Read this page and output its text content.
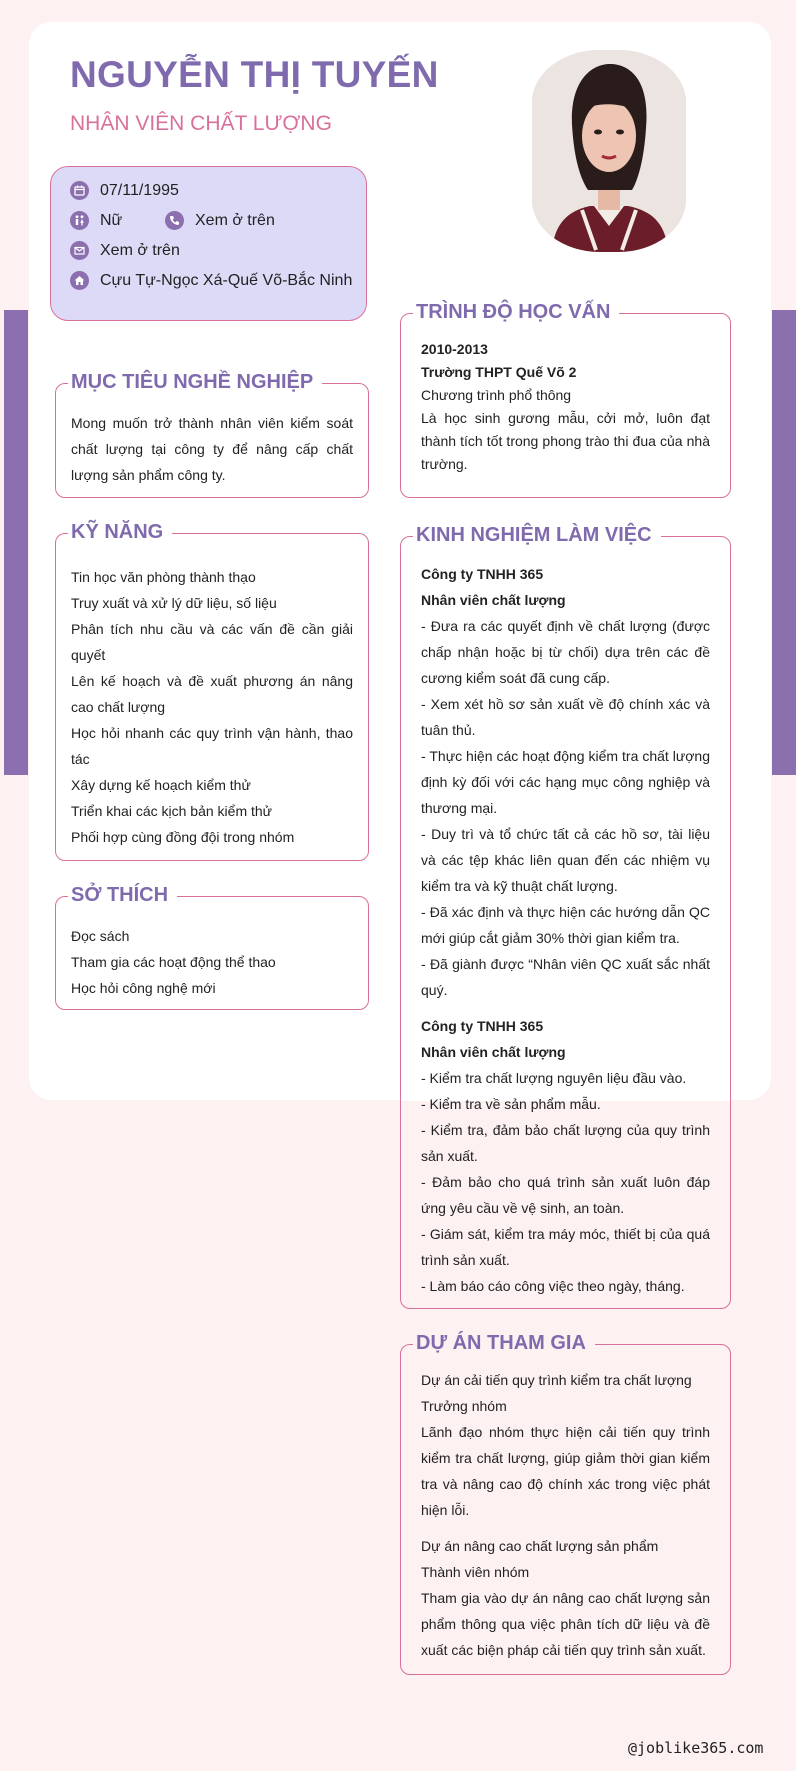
NGUYỄN THỊ TUYẾN
NHÂN VIÊN CHẤT LƯỢNG
07/11/1995
Nữ	Xem ở trên
Xem ở trên
Cựu Tự-Ngọc Xá-Quế Võ-Bắc Ninh
MỤC TIÊU NGHỀ NGHIỆP
Mong muốn trở thành nhân viên kiểm soát chất lượng tại công ty để nâng cấp chất lượng sản phẩm công ty.
KỸ NĂNG
Tin học văn phòng thành thạo
Truy xuất và xử lý dữ liệu, số liệu
Phân tích nhu cầu và các vấn đề cần giải quyết
Lên kế hoạch và đề xuất phương án nâng cao chất lượng
Học hỏi nhanh các quy trình vận hành, thao tác
Xây dựng kế hoạch kiểm thử
Triển khai các kịch bản kiểm thử
Phối hợp cùng đồng đội trong nhóm
SỞ THÍCH
Đọc sách
Tham gia các hoạt động thể thao
Học hỏi công nghệ mới
TRÌNH ĐỘ HỌC VẤN
2010-2013
Trường THPT Quế Võ 2
Chương trình phổ thông
Là học sinh gương mẫu, cởi mở, luôn đạt thành tích tốt trong phong trào thi đua của nhà trường.
KINH NGHIỆM LÀM VIỆC
Công ty TNHH 365
Nhân viên chất lượng
- Đưa ra các quyết định về chất lượng (được chấp nhận hoặc bị từ chối) dựa trên các đề cương kiểm soát đã cung cấp.
- Xem xét hồ sơ sản xuất về độ chính xác và tuân thủ.
- Thực hiện các hoạt động kiểm tra chất lượng định kỳ đối với các hạng mục công nghiệp và thương mại.
- Duy trì và tổ chức tất cả các hồ sơ, tài liệu và các tệp khác liên quan đến các nhiệm vụ kiểm tra và kỹ thuật chất lượng.
- Đã xác định và thực hiện các hướng dẫn QC mới giúp cắt giảm 30% thời gian kiểm tra.
- Đã giành được “Nhân viên QC xuất sắc nhất quý.
Công ty TNHH 365
Nhân viên chất lượng
- Kiểm tra chất lượng nguyên liệu đầu vào.
- Kiểm tra về sản phẩm mẫu.
- Kiểm tra, đảm bảo chất lượng của quy trình sản xuất.
- Đảm bảo cho quá trình sản xuất luôn đáp ứng yêu cầu về vệ sinh, an toàn.
- Giám sát, kiểm tra máy móc, thiết bị của quá trình sản xuất.
- Làm báo cáo công việc theo ngày, tháng.
DỰ ÁN THAM GIA
Dự án cải tiến quy trình kiểm tra chất lượng
Trưởng nhóm
Lãnh đạo nhóm thực hiện cải tiến quy trình kiểm tra chất lượng, giúp giảm thời gian kiểm tra và nâng cao độ chính xác trong việc phát hiện lỗi.
Dự án nâng cao chất lượng sản phẩm
Thành viên nhóm
Tham gia vào dự án nâng cao chất lượng sản phẩm thông qua việc phân tích dữ liệu và đề xuất các biện pháp cải tiến quy trình sản xuất.
@joblike365.com
